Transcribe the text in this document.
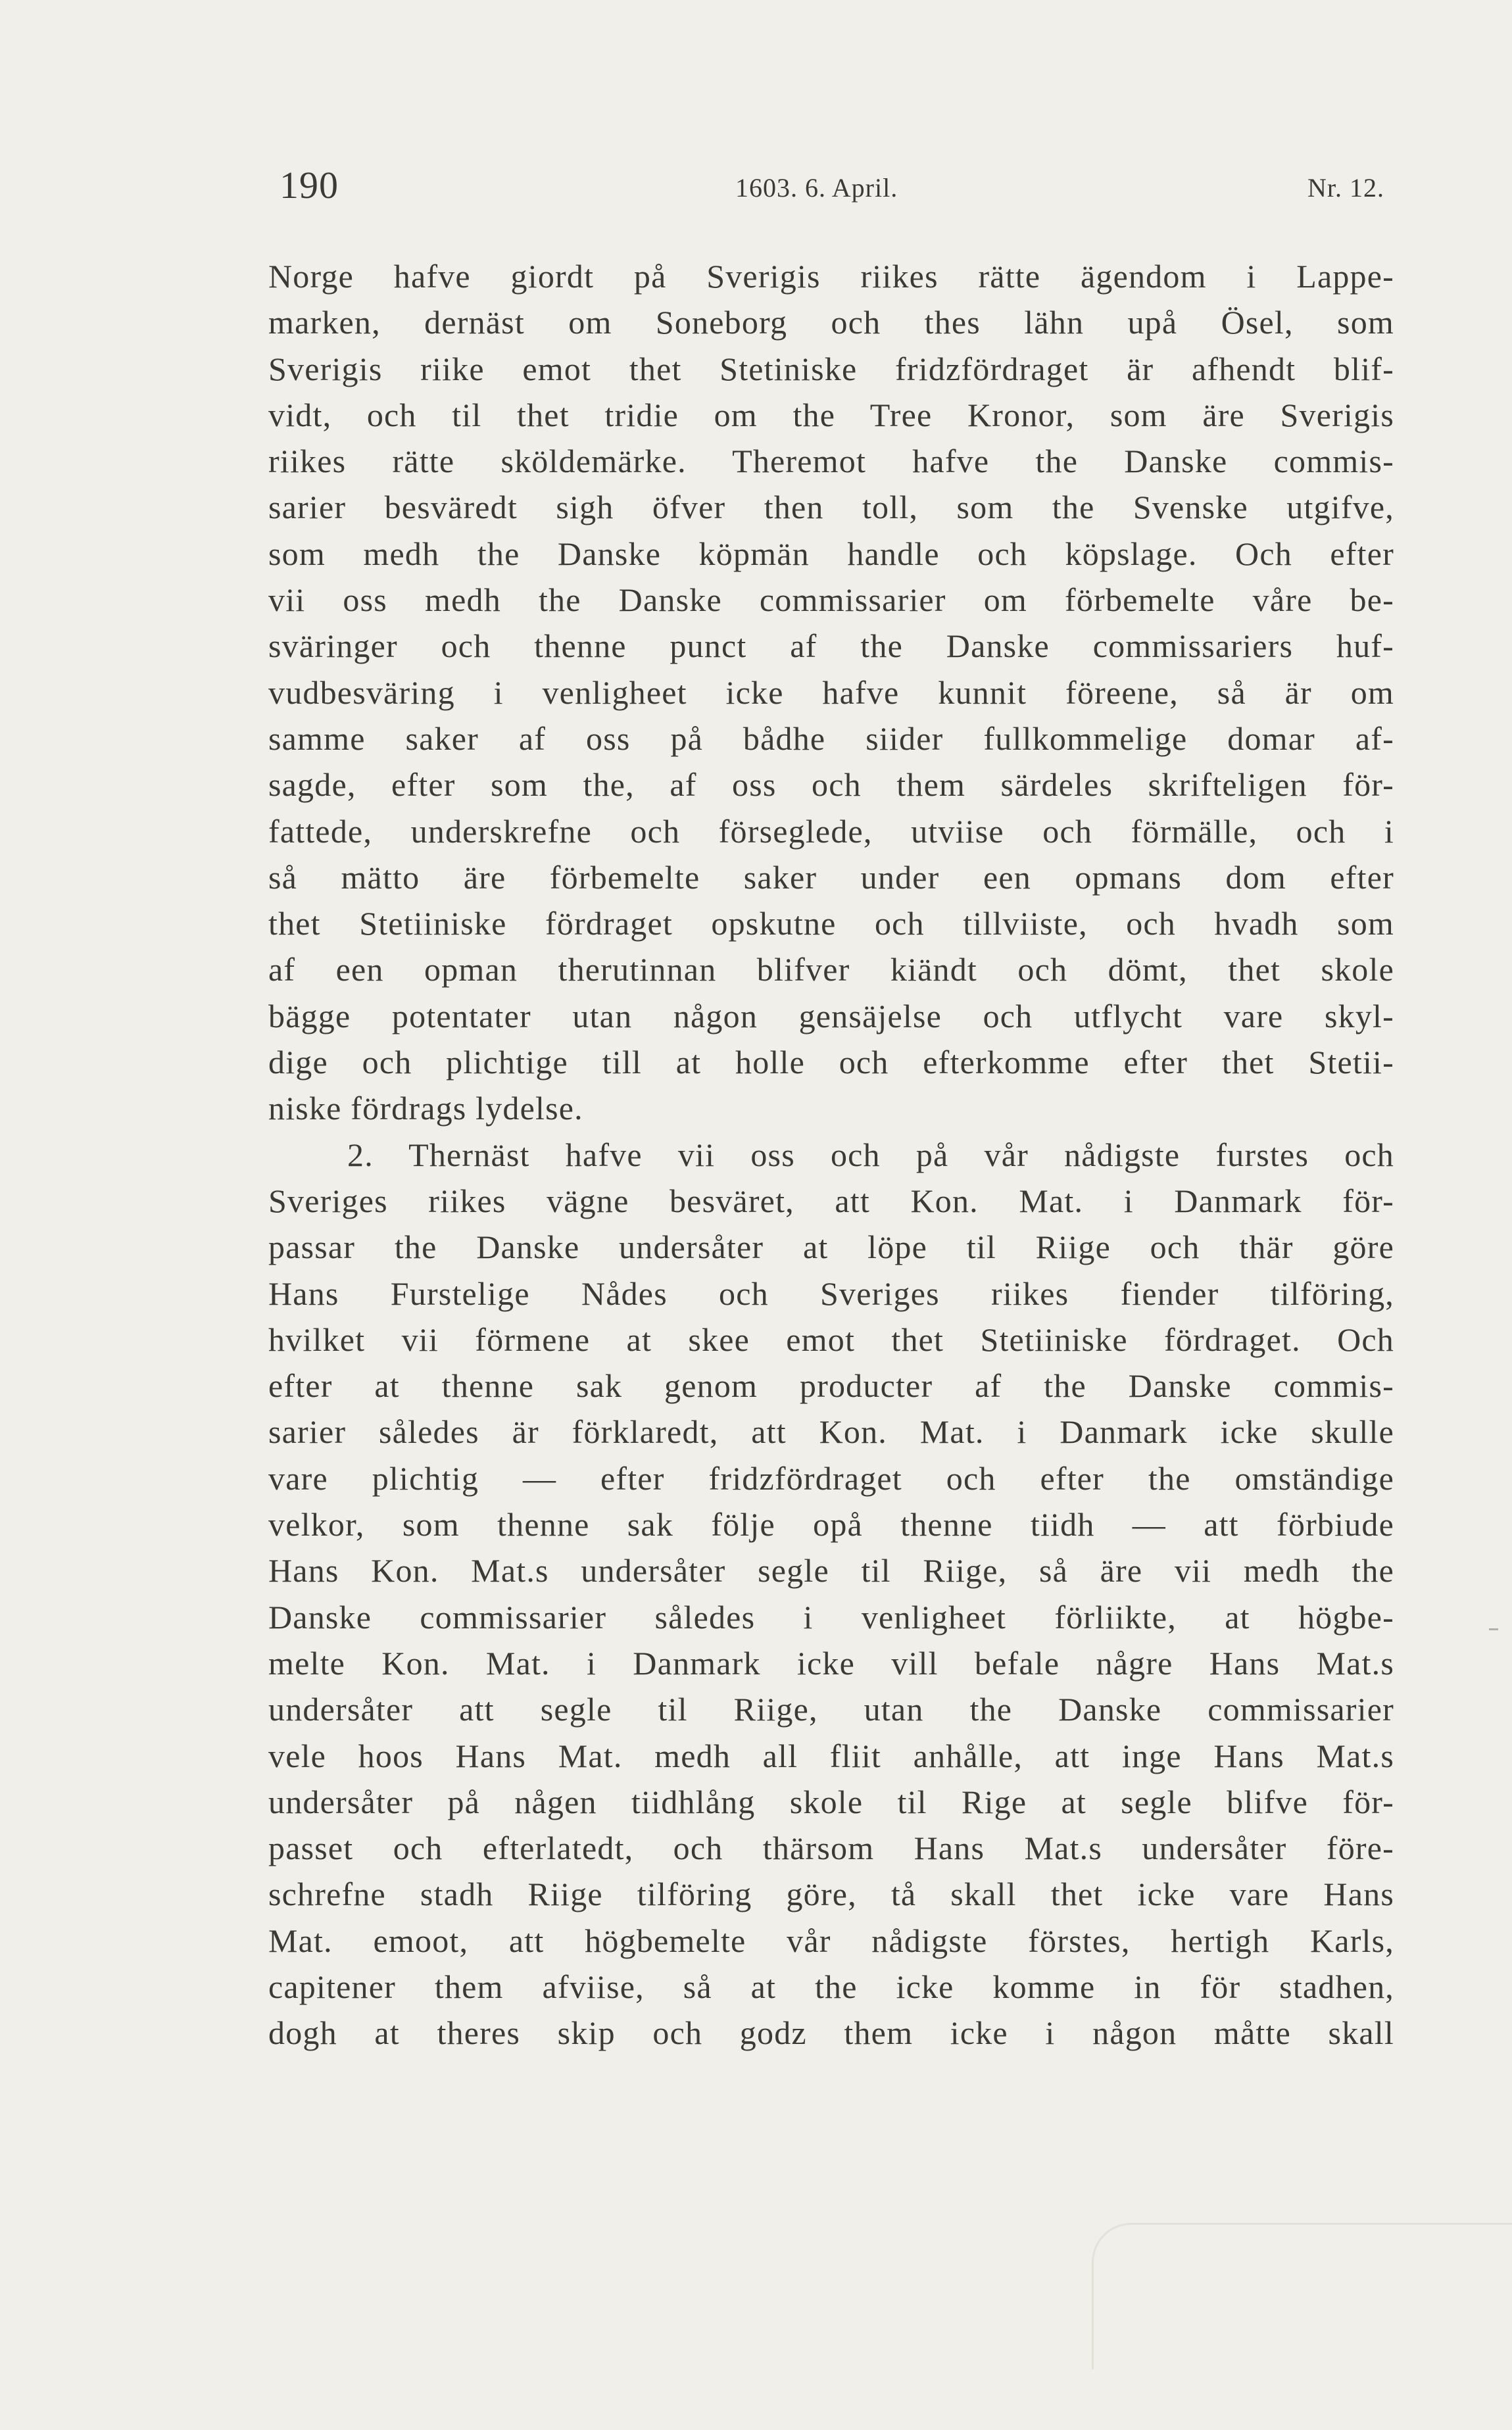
190	1603. 6. April.	Nr. 12.
Norge hafve giordt på Sverigis riikes rätte ägendom i Lappe-
marken, dernäst om Soneborg och thes lähn upå Ösel, som
Sverigis riike emot thet Stetiniske fridzfördraget är afhendt blif-
vidt, och til thet tridie om the Tree Kronor, som äre Sverigis
riikes rätte sköldemärke. Theremot hafve the Danske commis-
sarier besväredt sigh öfver then toll, som the Svenske utgifve,
som medh the Danske köpmän handle och köpslage. Och efter
vii oss medh the Danske commissarier om förbemelte våre be-
sväringer och thenne punct af the Danske commissariers huf-
vudbesväring i venligheet icke hafve kunnit föreene, så är om
samme saker af oss på bådhe siider fullkommelige domar af-
sagde, efter som the, af oss och them särdeles skrifteligen för-
fattede, underskrefne och förseglede, utviise och förmälle, och i
så mätto äre förbemelte saker under een opmans dom efter
thet Stetiiniske fördraget opskutne och tillviiste, och hvadh som
af een opman therutinnan blifver kiändt och dömt, thet skole
bägge potentater utan någon gensäjelse och utflycht vare skyl-
dige och plichtige till at holle och efterkomme efter thet Stetii-
niske fördrags lydelse.
2. Thernäst hafve vii oss och på vår nådigste furstes och
Sveriges riikes vägne besväret, att Kon. Mat. i Danmark för-
passar the Danske undersåter at löpe til Riige och thär göre
Hans Furstelige Nådes och Sveriges riikes fiender tilföring,
hvilket vii förmene at skee emot thet Stetiiniske fördraget. Och
efter at thenne sak genom producter af the Danske commis-
sarier således är förklaredt, att Kon. Mat. i Danmark icke skulle
vare plichtig — efter fridzfördraget och efter the omständige
velkor, som thenne sak följe opå thenne tiidh — att förbiude
Hans Kon. Mat.s undersåter segle til Riige, så äre vii medh the
Danske commissarier således i venligheet förliikte, at högbe-
melte Kon. Mat. i Danmark icke vill befale någre Hans Mat.s
undersåter att segle til Riige, utan the Danske commissarier
vele hoos Hans Mat. medh all fliit anhålle, att inge Hans Mat.s
undersåter på någen tiidhlång skole til Rige at segle blifve för-
passet och efterlatedt, och thärsom Hans Mat.s undersåter före-
schrefne stadh Riige tilföring göre, tå skall thet icke vare Hans
Mat. emoot, att högbemelte vår nådigste förstes, hertigh Karls,
capitener them afviise, så at the icke komme in för stadhen,
dogh at theres skip och godz them icke i någon måtte skall
